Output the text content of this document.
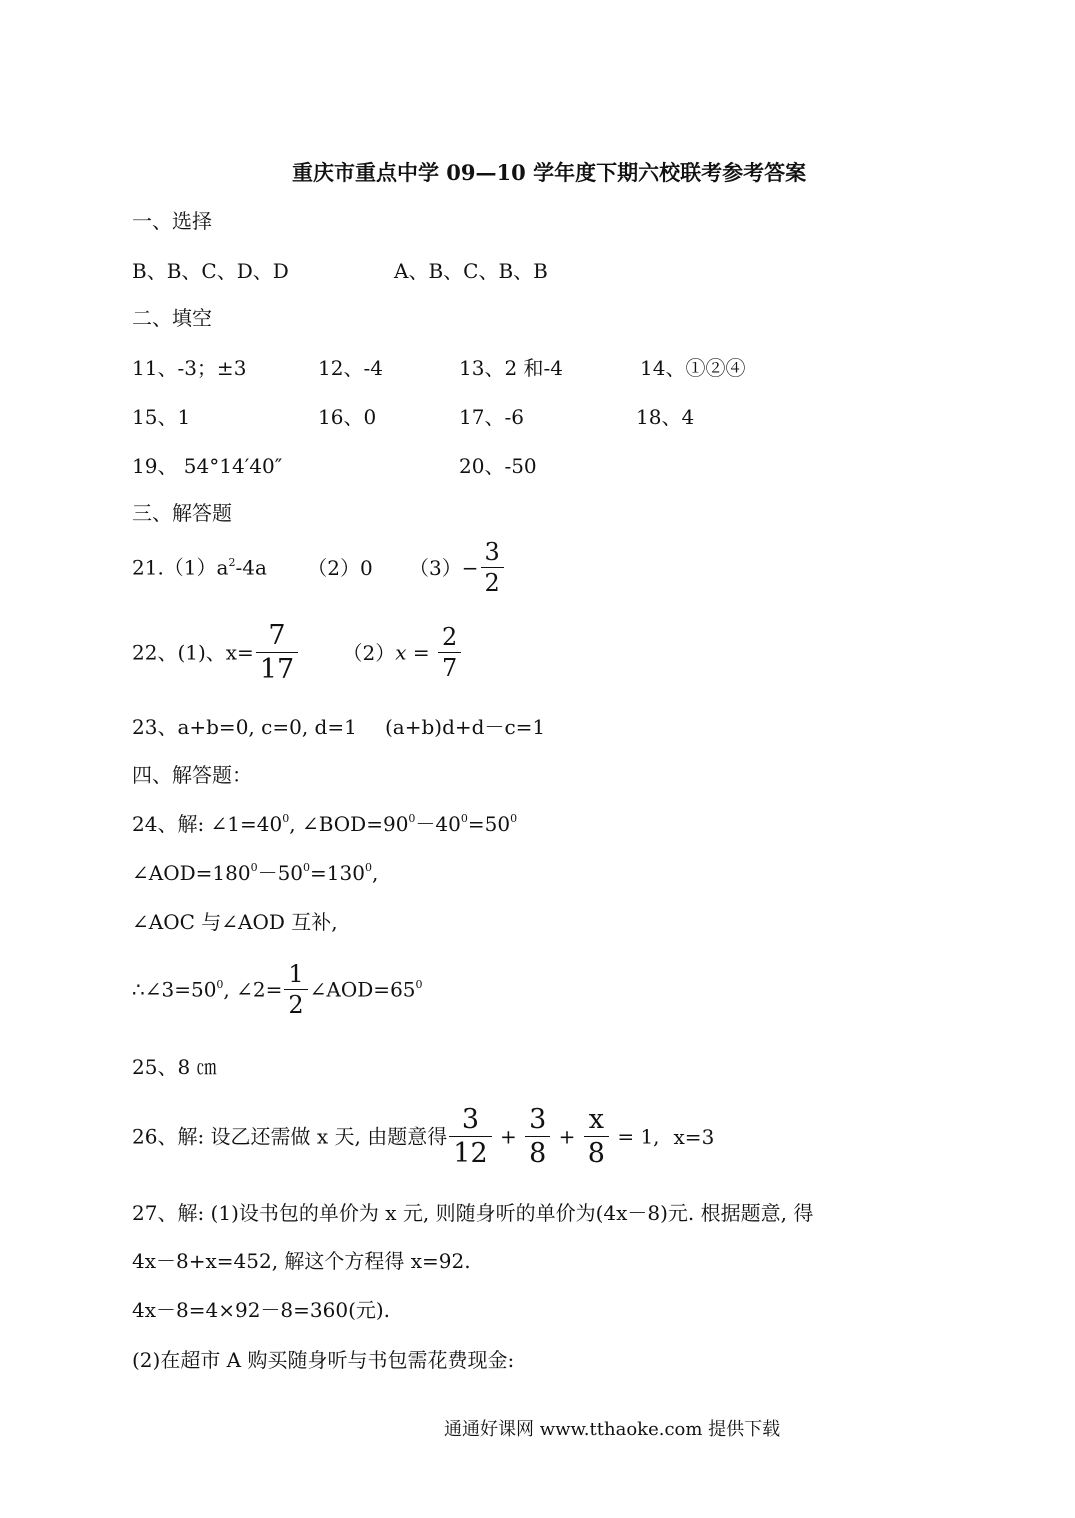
重庆市重点中学 09—10 学年度下期六校联考参考答案
一、选择
B、B、C、D、D	A、B、C、B、B
二、填空
11、-3；±3	12、-4	13、2 和-4	14、①②④
15、1	16、0	17、-6	18、4
19、 54°14′40″	20、-50
三、解答题
$21.(1)a^2-4a$ （2）0 $(3)- \frac{3}{2}$
22、(1)、$x= \frac{7}{17} (2)x = \frac{2}{7}$
23、a+b=0, c=0, d=1 (a+b)d+d－c=1
四、解答题：
24、解: $\angle 1=40^0$, $\angle BOD=90^0-40^0=50^0$
$\angle AOD=180^0-50^0=130^0$,
∠AOC 与∠AOD 互补,
$\therefore\angle 3=50^0$, ∠2= $\frac{1}{2}$ $\angle AOD=65^0$
25、8 ㎝
26、解: 设乙还需做 x 天, 由题意得 $\frac{3}{12} + \frac{3}{8} + \frac{x}{8} = 1$, x=3
27、解: (1)设书包的单价为 x 元, 则随身听的单价为(4x－8)元. 根据题意, 得
4x－8+x=452, 解这个方程得 x=92.
4x－8=4×92－8=360(元).
(2)在超市 A 购买随身听与书包需花费现金:
通通好课网 www.tthaoke.com 提供下载
